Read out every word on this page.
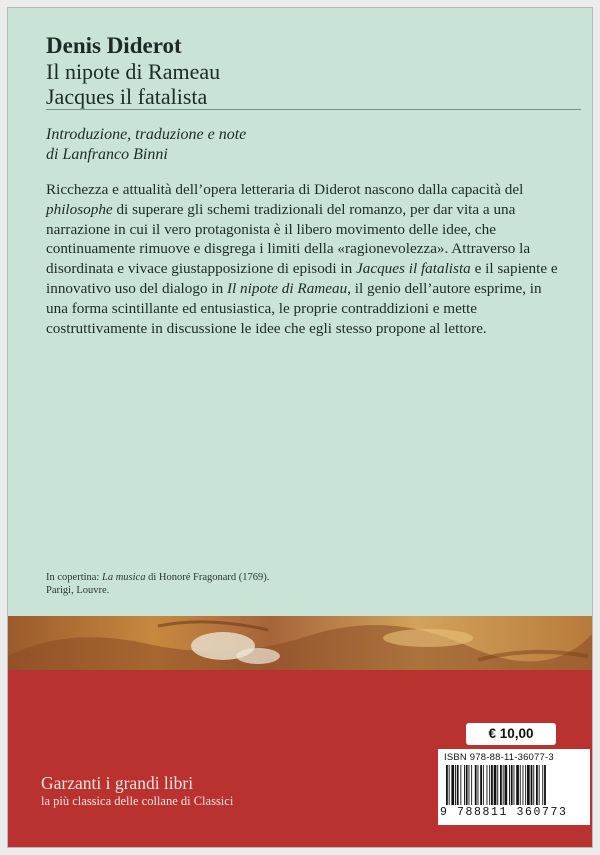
Denis Diderot
Il nipote di Rameau
Jacques il fatalista
Introduzione, traduzione e note
di Lanfranco Binni

Ricchezza e attualità dell’opera letteraria di Diderot nascono dalla capacità del philosophe di superare gli schemi tradizionali del romanzo, per dar vita a una narrazione in cui il vero protagonista è il libero movimento delle idee, che continuamente rimuove e disgrega i limiti della «ragionevolezza». Attraverso la disordinata e vivace giustapposizione di episodi in Jacques il fatalista e il sapiente e innovativo uso del dialogo in Il nipote di Rameau, il genio dell’autore esprime, in una forma scintillante ed entusiastica, le proprie contraddizioni e mette costruttivamente in discussione le idee che egli stesso propone al lettore.

In copertina: La musica di Honoré Fragonard (1769).
Parigi, Louvre.
Garzanti i grandi libri
la più classica delle collane di Classici
€ 10,00
ISBN 978-88-11-36077-3
9 788811 360773
